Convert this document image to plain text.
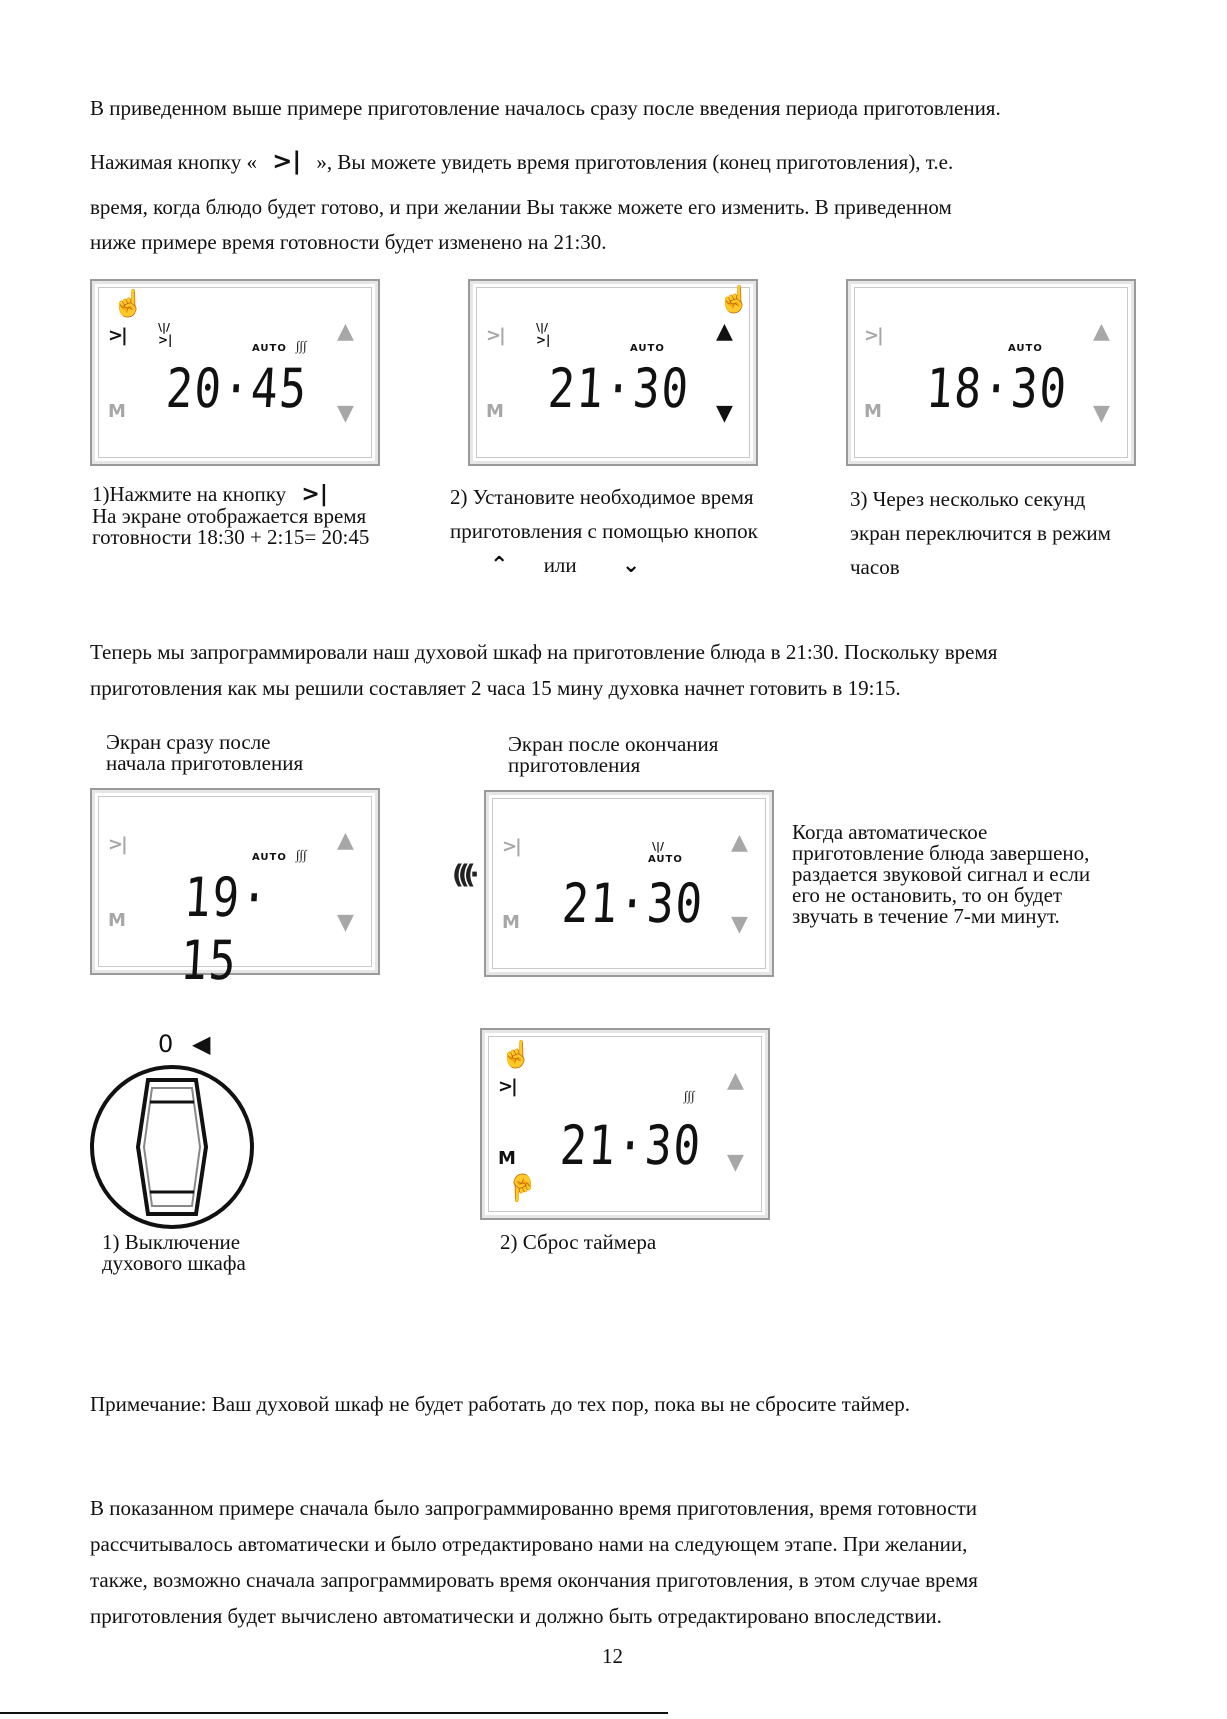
В приведенном выше примере приготовление началось сразу после введения периода приготовления.

Нажимая кнопку « >| », Вы можете увидеть время приготовления (конец приготовления), т.е.

время, когда блюдо будет готово, и при желании Вы также можете его изменить. В приведенном

ниже примере время готовности будет изменено на 21:30.

☝
>|	\|/
>|
AUTO ∫∫∫
▲
M 20·45 ▼
>|	\|/
>|
AUTO
☝
▲
M 21·30 ▼
>|
AUTO
▲
M 18·30 ▼
1)Нажмите на кнопку >|
На экране отображается время
готовности 18:30 + 2:15= 20:45
2) Установите необходимое время
приготовления с помощью кнопок
⌃ или ⌄
3) Через несколько секунд
экран переключится в режим
часов

Теперь мы запрограммировали наш духовой шкаф на приготовление блюда в 21:30. Поскольку время

приготовления как мы решили составляет 2 часа 15 мину духовка начнет готовить в 19:15.

Экран сразу после
начала приготовления
Экран после окончания
приготовления
>|
AUTO ∫∫∫
▲
M 19· 15
▼
(((·
>|	\|/
AUTO
▲
M 21·30 ▼
Когда автоматическое
приготовление блюда завершено,
раздается звуковой сигнал и если
его не остановить, то он будет
звучать в течение 7-ми минут.
0 ◀	☝
>|	∫∫∫
▲
M
☝
21·30 ▼
1) Выключение
духового шкафа
2) Сброс таймера

Примечание: Ваш духовой шкаф не будет работать до тех пор, пока вы не сбросите таймер.

В показанном примере сначала было запрограммированно время приготовления, время готовности

рассчитывалось автоматически и было отредактировано нами на следующем этапе. При желании,

также, возможно сначала запрограммировать время окончания приготовления, в этом случае время

приготовления будет вычислено автоматически и должно быть отредактировано впоследствии.

12
